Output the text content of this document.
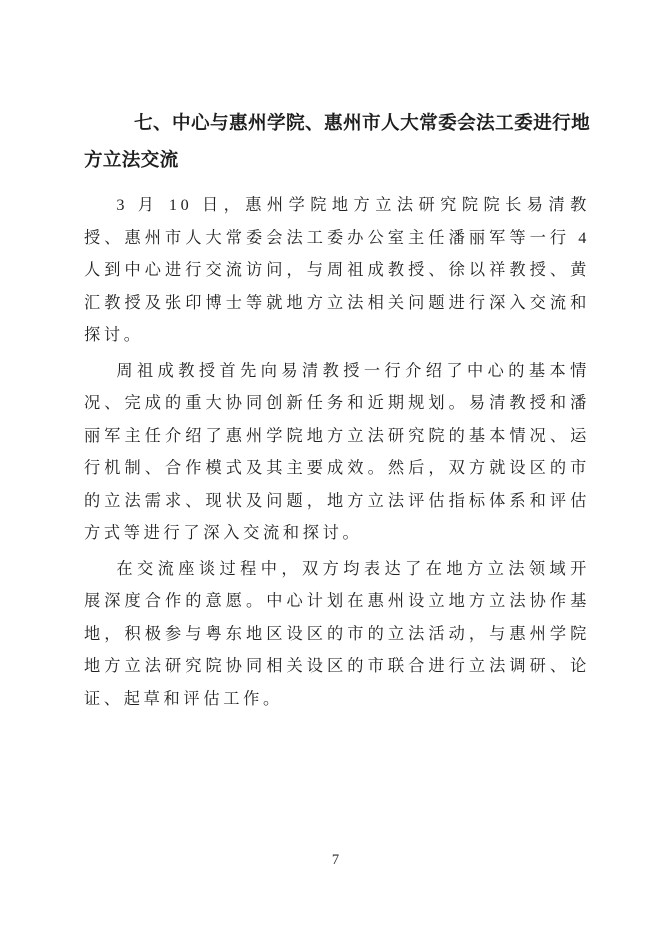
七、中心与惠州学院、惠州市人大常委会法工委进行地方立法交流

3 月 10 日，惠州学院地方立法研究院院长易清教授、惠州市人大常委会法工委办公室主任潘丽军等一行 4 人到中心进行交流访问，与周祖成教授、徐以祥教授、黄汇教授及张印博士等就地方立法相关问题进行深入交流和探讨。

周祖成教授首先向易清教授一行介绍了中心的基本情况、完成的重大协同创新任务和近期规划。易清教授和潘丽军主任介绍了惠州学院地方立法研究院的基本情况、运行机制、合作模式及其主要成效。然后，双方就设区的市的立法需求、现状及问题，地方立法评估指标体系和评估方式等进行了深入交流和探讨。

在交流座谈过程中，双方均表达了在地方立法领域开展深度合作的意愿。中心计划在惠州设立地方立法协作基地，积极参与粤东地区设区的市的立法活动，与惠州学院地方立法研究院协同相关设区的市联合进行立法调研、论证、起草和评估工作。

7
